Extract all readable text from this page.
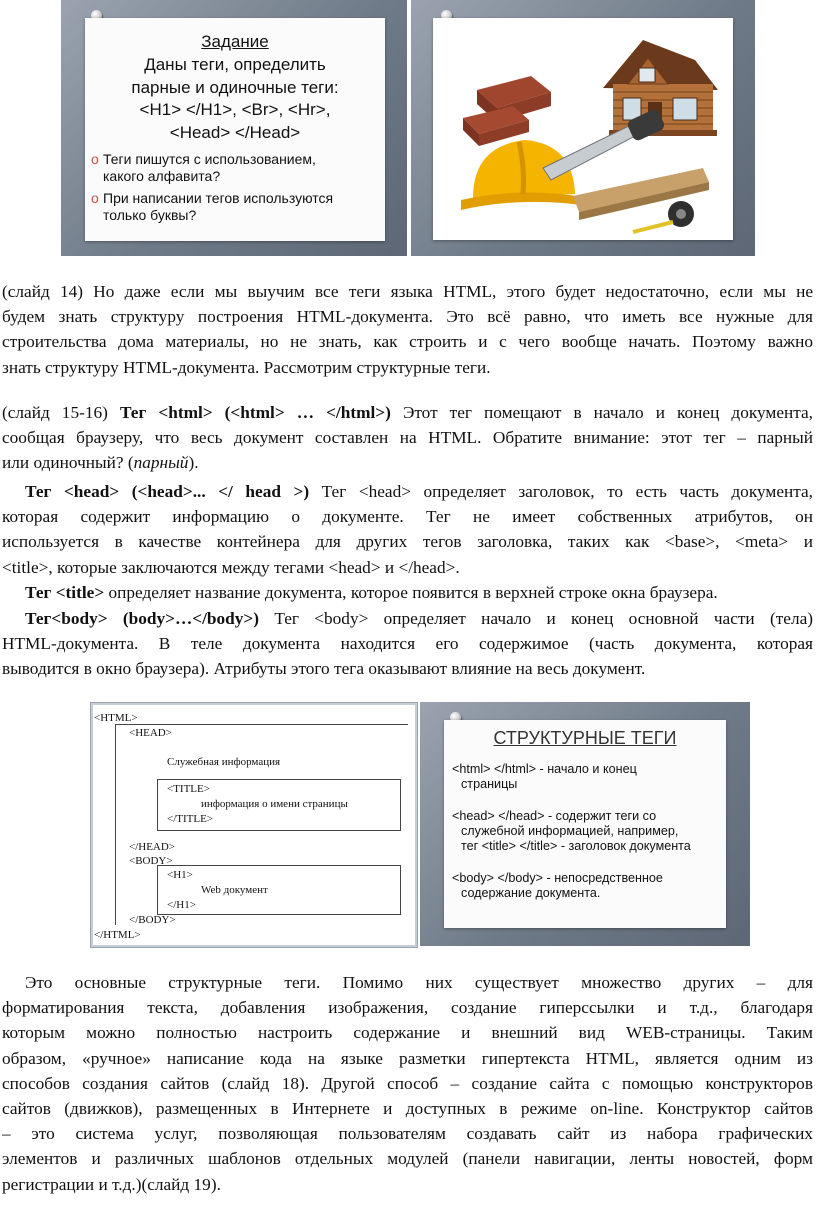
Задание
Даны теги, определить
парные и одиночные теги:
<H1> </H1>, <Br>, <Hr>,
<Head> </Head>
o Теги пишутся с использованием,
какого алфавита?
o При написании тегов используются
только буквы?
(слайд 14) Но даже если мы выучим все теги языка HTML, этого будет недостаточно, если мы не
будем знать структуру построения HTML-документа. Это всё равно, что иметь все нужные для
строительства дома материалы, но не знать, как строить и с чего вообще начать. Поэтому важно
знать структуру HTML-документа. Рассмотрим структурные теги.
(слайд 15-16) Тег <html> (<html> … </html>) Этот тег помещают в начало и конец документа,
сообщая браузеру, что весь документ составлен на HTML. Обратите внимание: этот тег – парный
или одиночный? (парный).
Тег <head> (<head>... </ head >) Тег <head> определяет заголовок, то есть часть документа,
которая содержит информацию о документе. Тег не имеет собственных атрибутов, он
используется в качестве контейнера для других тегов заголовка, таких как <base>, <meta> и
<title>, которые заключаются между тегами <head> и </head>.
Тег <title> определяет название документа, которое появится в верхней строке окна браузера.
Тег<body> (body>…</body>) Тег <body> определяет начало и конец основной части (тела)
HTML-документа. В теле документа находится его содержимое (часть документа, которая
выводится в окно браузера). Атрибуты этого тега оказывают влияние на весь документ.
<HTML>
<HEAD>
Служебная информация
<TITLE>
информация о имени страницы
</TITLE>
</HEAD>
<BODY>
<H1>
Web документ
</H1>
</BODY>
</HTML>
СТРУКТУРНЫЕ ТЕГИ
<html> </html> - начало и конец
страницы
<head> </head> - содержит теги со
служебной информацией, например,
тег <title> </title> - заголовок документа
<body> </body> - непосредственное
содержание документа.
Это основные структурные теги. Помимо них существует множество других – для
форматирования текста, добавления изображения, создание гиперссылки и т.д., благодаря
которым можно полностью настроить содержание и внешний вид WEB-страницы. Таким
образом, «ручное» написание кода на языке разметки гипертекста HTML, является одним из
способов создания сайтов (слайд 18). Другой способ – создание сайта с помощью конструкторов
сайтов (движков), размещенных в Интернете и доступных в режиме on-line. Конструктор сайтов
– это система услуг, позволяющая пользователям создавать сайт из набора графических
элементов и различных шаблонов отдельных модулей (панели навигации, ленты новостей, форм
регистрации и т.д.)(слайд 19).
